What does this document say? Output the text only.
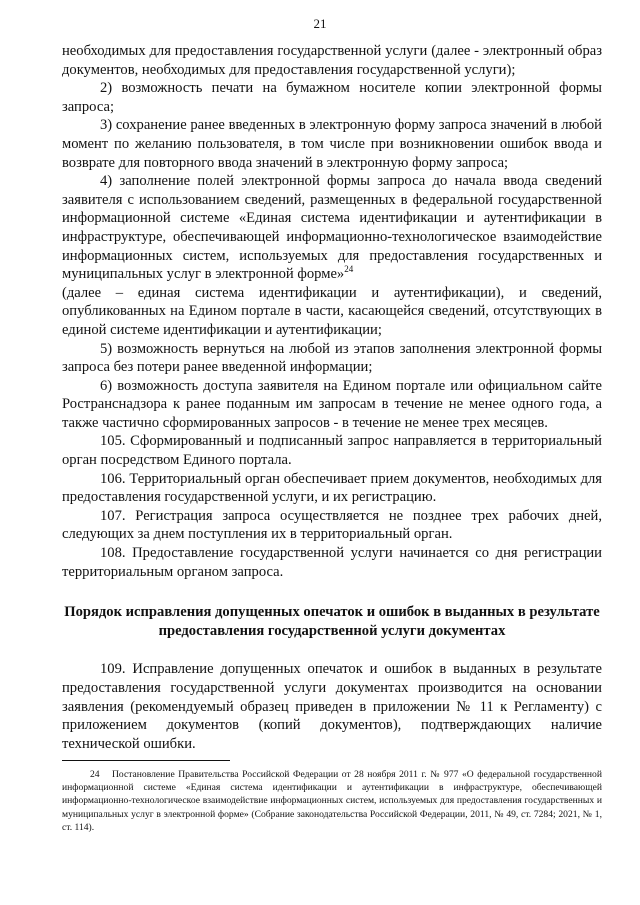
21

необходимых для предоставления государственной услуги (далее - электронный образ документов, необходимых для предоставления государственной услуги);

2) возможность печати на бумажном носителе копии электронной формы запроса;

3) сохранение ранее введенных в электронную форму запроса значений в любой момент по желанию пользователя, в том числе при возникновении ошибок ввода и возврате для повторного ввода значений в электронную форму запроса;

4) заполнение полей электронной формы запроса до начала ввода сведений заявителя с использованием сведений, размещенных в федеральной государственной информационной системе «Единая система идентификации и аутентификации в инфраструктуре, обеспечивающей информационно-технологическое взаимодействие информационных систем, используемых для предоставления государственных и муниципальных услуг в электронной форме»$^{24}$

(далее – единая система идентификации и аутентификации), и сведений, опубликованных на Едином портале в части, касающейся сведений, отсутствующих в единой системе идентификации и аутентификации;

5) возможность вернуться на любой из этапов заполнения электронной формы запроса без потери ранее введенной информации;

6) возможность доступа заявителя на Едином портале или официальном сайте Ространснадзора к ранее поданным им запросам в течение не менее одного года, а также частично сформированных запросов - в течение не менее трех месяцев.

105. Сформированный и подписанный запрос направляется в территориальный орган посредством Единого портала.

106. Территориальный орган обеспечивает прием документов, необходимых для предоставления государственной услуги, и их регистрацию.

107. Регистрация запроса осуществляется не позднее трех рабочих дней, следующих за днем поступления их в территориальный орган.

108. Предоставление государственной услуги начинается со дня регистрации территориальным органом запроса.

Порядок исправления допущенных опечаток и ошибок в выданных в результате предоставления государственной услуги документах

109. Исправление допущенных опечаток и ошибок в выданных в результате предоставления государственной услуги документах производится на основании заявления (рекомендуемый образец приведен в приложении № 11 к Регламенту) с приложением документов (копий документов), подтверждающих наличие технической ошибки.

24 Постановление Правительства Российской Федерации от 28 ноября 2011 г. № 977 «О федеральной государственной информационной системе «Единая система идентификации и аутентификации в инфраструктуре, обеспечивающей информационно-технологическое взаимодействие информационных систем, используемых для предоставления государственных и муниципальных услуг в электронной форме» (Собрание законодательства Российской Федерации, 2011, № 49, ст. 7284; 2021, № 1, ст. 114).
